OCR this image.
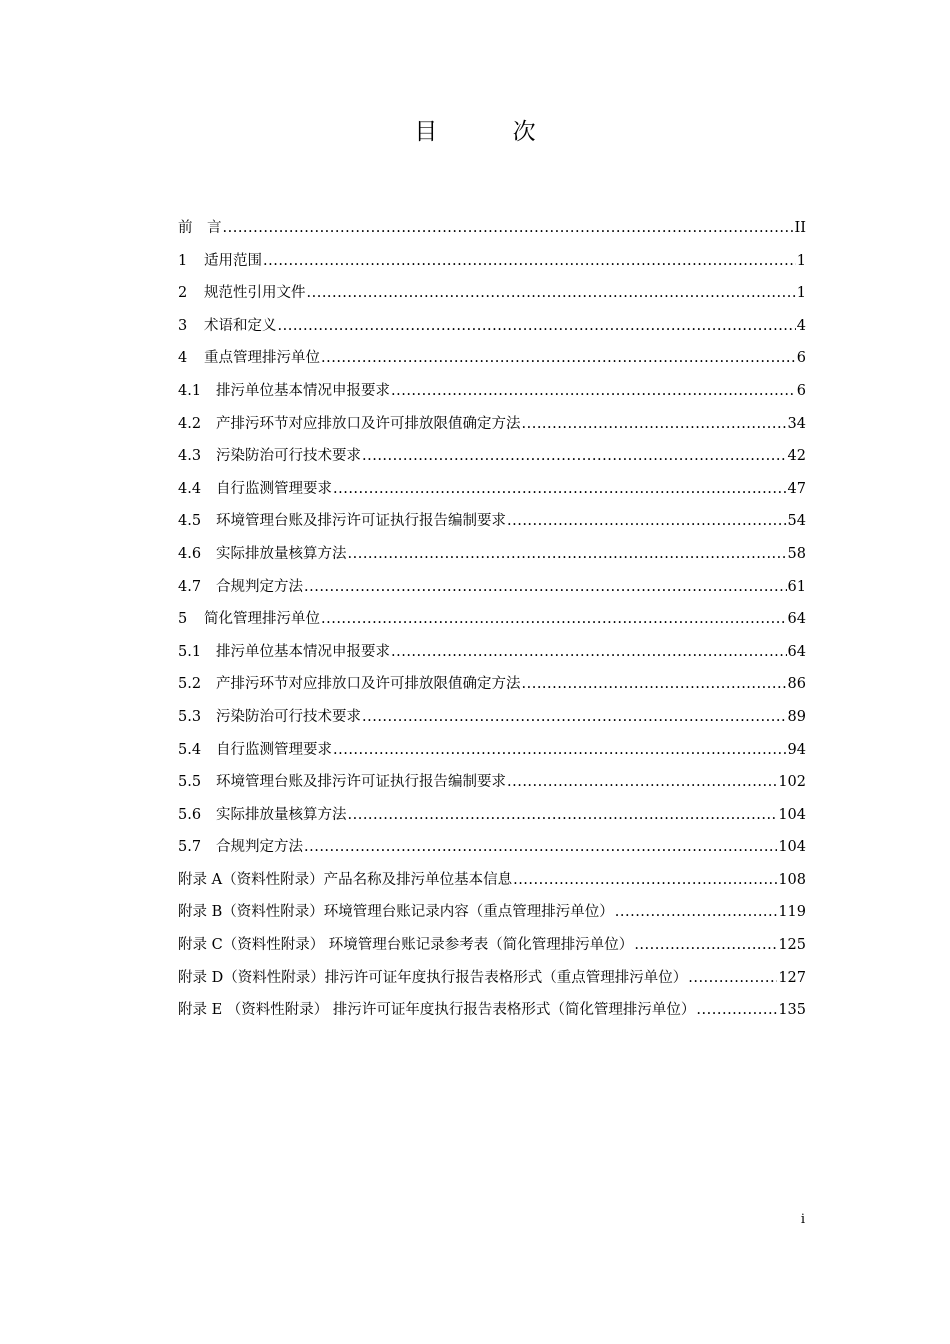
目 次
前　言 .....	II
1	适用范围 .....	1
2	规范性引用文件 .....	1
3	术语和定义 .....	4
4	重点管理排污单位 .....	6
4.1	排污单位基本情况申报要求 .....	6
4.2	产排污环节对应排放口及许可排放限值确定方法 .....	34
4.3	污染防治可行技术要求 .....	42
4.4	自行监测管理要求 .....	47
4.5	环境管理台账及排污许可证执行报告编制要求 .....	54
4.6	实际排放量核算方法 .....	58
4.7	合规判定方法 .....	61
5	简化管理排污单位 .....	64
5.1	排污单位基本情况申报要求 .....	64
5.2	产排污环节对应排放口及许可排放限值确定方法 .....	86
5.3	污染防治可行技术要求 .....	89
5.4	自行监测管理要求 .....	94
5.5	环境管理台账及排污许可证执行报告编制要求 .....	102
5.6	实际排放量核算方法 .....	104
5.7	合规判定方法 .....	104
附录 A（资料性附录）产品名称及排污单位基本信息 .....	108
附录 B（资料性附录）环境管理台账记录内容（重点管理排污单位） .....	119
附录 C（资料性附录） 环境管理台账记录参考表（简化管理排污单位） .....	125
附录 D（资料性附录）排污许可证年度执行报告表格形式（重点管理排污单位） .....	127
附录 E （资料性附录） 排污许可证年度执行报告表格形式（简化管理排污单位） .....	135
i
